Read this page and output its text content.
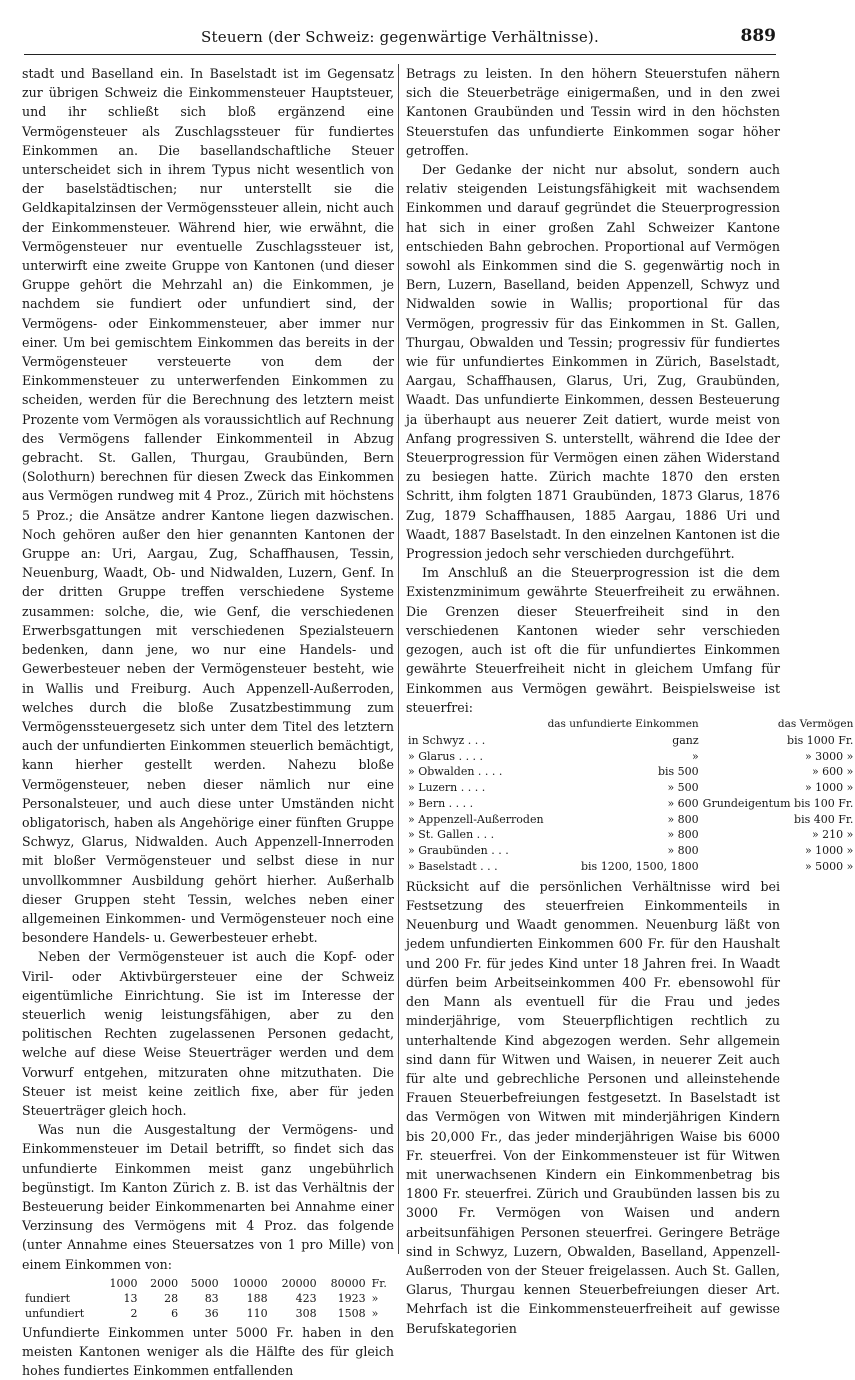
Steuern (der Schweiz: gegenwärtige Verhältnisse).	889

stadt und Baselland ein. In Baselstadt ist im Gegensatz zur übrigen Schweiz die Einkommensteuer Hauptsteuer, und ihr schließt sich bloß ergänzend eine Vermögensteuer als Zuschlagssteuer für fundiertes Einkommen an. Die basellandschaftliche Steuer unterscheidet sich in ihrem Typus nicht wesentlich von der baselstädtischen; nur unterstellt sie die Geldkapitalzinsen der Vermögenssteuer allein, nicht auch der Einkommensteuer. Während hier, wie erwähnt, die Vermögensteuer nur eventuelle Zuschlagssteuer ist, unterwirft eine zweite Gruppe von Kantonen (und dieser Gruppe gehört die Mehrzahl an) die Einkommen, je nachdem sie fundiert oder unfundiert sind, der Vermögens- oder Einkommensteuer, aber immer nur einer. Um bei gemischtem Einkommen das bereits in der Vermögensteuer versteuerte von dem der Einkommensteuer zu unterwerfenden Einkommen zu scheiden, werden für die Berechnung des letztern meist Prozente vom Vermögen als voraussichtlich auf Rechnung des Vermögens fallender Einkommenteil in Abzug gebracht. St. Gallen, Thurgau, Graubünden, Bern (Solothurn) berechnen für diesen Zweck das Einkommen aus Vermögen rundweg mit 4 Proz., Zürich mit höchstens 5 Proz.; die Ansätze andrer Kantone liegen dazwischen. Noch gehören außer den hier genannten Kantonen der Gruppe an: Uri, Aargau, Zug, Schaffhausen, Tessin, Neuenburg, Waadt, Ob- und Nidwalden, Luzern, Genf. In der dritten Gruppe treffen verschiedene Systeme zusammen: solche, die, wie Genf, die verschiedenen Erwerbsgattungen mit verschiedenen Spezialsteuern bedenken, dann jene, wo nur eine Handels- und Gewerbesteuer neben der Vermögensteuer besteht, wie in Wallis und Freiburg. Auch Appenzell-Außerroden, welches durch die bloße Zusatzbestimmung zum Vermögenssteuergesetz sich unter dem Titel des letztern auch der unfundierten Einkommen steuerlich bemächtigt, kann hierher gestellt werden. Nahezu bloße Vermögensteuer, neben dieser nämlich nur eine Personalsteuer, und auch diese unter Umständen nicht obligatorisch, haben als Angehörige einer fünften Gruppe Schwyz, Glarus, Nidwalden. Auch Appenzell-Innerroden mit bloßer Vermögensteuer und selbst diese in nur unvollkommner Ausbildung gehört hierher. Außerhalb dieser Gruppen steht Tessin, welches neben einer allgemeinen Einkommen- und Vermögensteuer noch eine besondere Handels- u. Gewerbesteuer erhebt.

Neben der Vermögensteuer ist auch die Kopf- oder Viril- oder Aktivbürgersteuer eine der Schweiz eigentümliche Einrichtung. Sie ist im Interesse der steuerlich wenig leistungsfähigen, aber zu den politischen Rechten zugelassenen Personen gedacht, welche auf diese Weise Steuerträger werden und dem Vorwurf entgehen, mitzuraten ohne mitzuthaten. Die Steuer ist meist keine zeitlich fixe, aber für jeden Steuerträger gleich hoch.

Was nun die Ausgestaltung der Vermögens- und Einkommensteuer im Detail betrifft, so findet sich das unfundierte Einkommen meist ganz ungebührlich begünstigt. Im Kanton Zürich z. B. ist das Verhältnis der Besteuerung beider Einkommenarten bei Annahme einer Verzinsung des Vermögens mit 4 Proz. das folgende (unter Annahme eines Steuersatzes von 1 pro Mille) von einem Einkommen von:

	1000	2000	5000	10000	20000	80000	Fr.
fundiert	13	28	83	188	423	1923	»
unfundiert	2	6	36	110	308	1508	»

Unfundierte Einkommen unter 5000 Fr. haben in den meisten Kantonen weniger als die Hälfte des für gleich hohes fundiertes Einkommen entfallenden

Betrags zu leisten. In den höhern Steuerstufen nähern sich die Steuerbeträge einigermaßen, und in den zwei Kantonen Graubünden und Tessin wird in den höchsten Steuerstufen das unfundierte Einkommen sogar höher getroffen.

Der Gedanke der nicht nur absolut, sondern auch relativ steigenden Leistungsfähigkeit mit wachsendem Einkommen und darauf gegründet die Steuerprogression hat sich in einer großen Zahl Schweizer Kantone entschieden Bahn gebrochen. Proportional auf Vermögen sowohl als Einkommen sind die S. gegenwärtig noch in Bern, Luzern, Baselland, beiden Appenzell, Schwyz und Nidwalden sowie in Wallis; proportional für das Vermögen, progressiv für das Einkommen in St. Gallen, Thurgau, Obwalden und Tessin; progressiv für fundiertes wie für unfundiertes Einkommen in Zürich, Baselstadt, Aargau, Schaffhausen, Glarus, Uri, Zug, Graubünden, Waadt. Das unfundierte Einkommen, dessen Besteuerung ja überhaupt aus neuerer Zeit datiert, wurde meist von Anfang progressiven S. unterstellt, während die Idee der Steuerprogression für Vermögen einen zähen Widerstand zu besiegen hatte. Zürich machte 1870 den ersten Schritt, ihm folgten 1871 Graubünden, 1873 Glarus, 1876 Zug, 1879 Schaffhausen, 1885 Aargau, 1886 Uri und Waadt, 1887 Baselstadt. In den einzelnen Kantonen ist die Progression jedoch sehr verschieden durchgeführt.

Im Anschluß an die Steuerprogression ist die dem Existenzminimum gewährte Steuerfreiheit zu erwähnen. Die Grenzen dieser Steuerfreiheit sind in den verschiedenen Kantonen wieder sehr verschieden gezogen, auch ist oft die für unfundiertes Einkommen gewährte Steuerfreiheit nicht in gleichem Umfang für Einkommen aus Vermögen gewährt. Beispielsweise ist steuerfrei:

	das unfundierte Einkommen	das Vermögen
in Schwyz . . .	ganz	bis 1000 Fr.
» Glarus . . . .	»	» 3000 »
» Obwalden . . . .	bis 500	» 600 »
» Luzern . . . .	» 500	» 1000 »
» Bern . . . .	» 600	Grundeigentum bis 100 Fr.
» Appenzell-Außerroden	» 800	bis 400 Fr.
» St. Gallen . . .	» 800	» 210 »
» Graubünden . . .	» 800	» 1000 »
» Baselstadt . . .	bis 1200, 1500, 1800	» 5000 »

Rücksicht auf die persönlichen Verhältnisse wird bei Festsetzung des steuerfreien Einkommenteils in Neuenburg und Waadt genommen. Neuenburg läßt von jedem unfundierten Einkommen 600 Fr. für den Haushalt und 200 Fr. für jedes Kind unter 18 Jahren frei. In Waadt dürfen beim Arbeitseinkommen 400 Fr. ebensowohl für den Mann als eventuell für die Frau und jedes minderjährige, vom Steuerpflichtigen rechtlich zu unterhaltende Kind abgezogen werden. Sehr allgemein sind dann für Witwen und Waisen, in neuerer Zeit auch für alte und gebrechliche Personen und alleinstehende Frauen Steuerbefreiungen festgesetzt. In Baselstadt ist das Vermögen von Witwen mit minderjährigen Kindern bis 20,000 Fr., das jeder minderjährigen Waise bis 6000 Fr. steuerfrei. Von der Einkommensteuer ist für Witwen mit unerwachsenen Kindern ein Einkommenbetrag bis 1800 Fr. steuerfrei. Zürich und Graubünden lassen bis zu 3000 Fr. Vermögen von Waisen und andern arbeitsunfähigen Personen steuerfrei. Geringere Beträge sind in Schwyz, Luzern, Obwalden, Baselland, Appenzell-Außerroden von der Steuer freigelassen. Auch St. Gallen, Glarus, Thurgau kennen Steuerbefreiungen dieser Art. Mehrfach ist die Einkommensteuerfreiheit auf gewisse Berufskategorien
